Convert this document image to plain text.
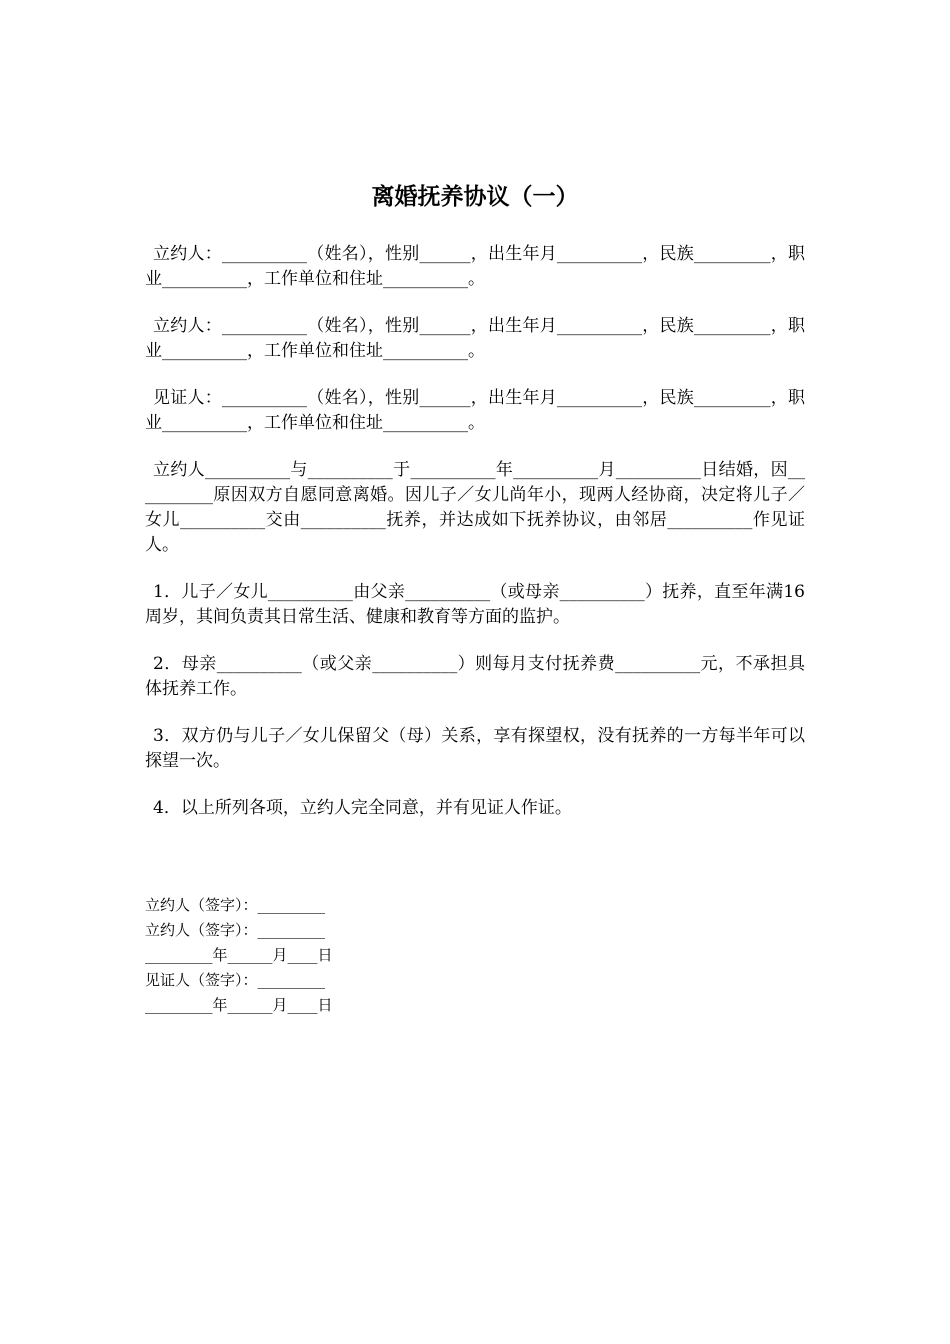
离婚抚养协议（一）

立约人：__________（姓名），性别______，出生年月__________，民族_________，职业__________，工作单位和住址__________。

立约人：__________（姓名），性别______，出生年月__________，民族_________，职业__________，工作单位和住址__________。

见证人：__________（姓名），性别______，出生年月__________，民族_________，职业__________，工作单位和住址__________。

立约人__________与__________于__________年__________月__________日结婚，因__________原因双方自愿同意离婚。因儿子／女儿尚年小，现两人经协商，决定将儿子／女儿__________交由__________抚养，并达成如下抚养协议，由邻居__________作见证人。

1．儿子／女儿__________由父亲__________（或母亲__________）抚养，直至年满16周岁，其间负责其日常生活、健康和教育等方面的监护。

2．母亲__________（或父亲__________）则每月支付抚养费__________元，不承担具体抚养工作。

3．双方仍与儿子／女儿保留父（母）关系，享有探望权，没有抚养的一方每半年可以探望一次。

4．以上所列各项，立约人完全同意，并有见证人作证。

立约人（签字）：_________

立约人（签字）：_________

_________年______月____日

见证人（签字）：_________

_________年______月____日
